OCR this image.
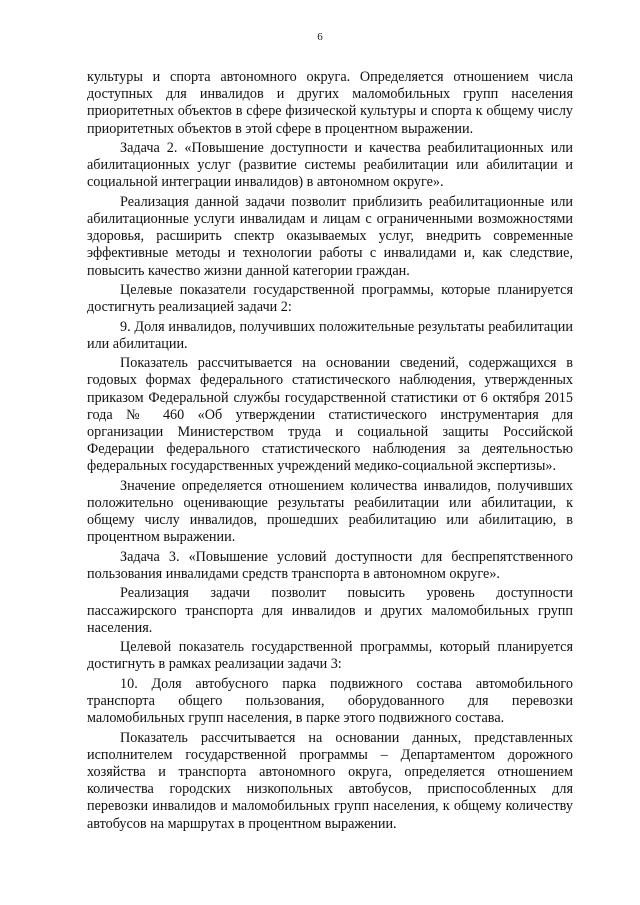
6

культуры и спорта автономного округа. Определяется отношением числа доступных для инвалидов и других маломобильных групп населения приоритетных объектов в сфере физической культуры и спорта к общему числу приоритетных объектов в этой сфере в процентном выражении.

Задача 2. «Повышение доступности и качества реабилитационных или абилитационных услуг (развитие системы реабилитации или абилитации и социальной интеграции инвалидов) в автономном округе».

Реализация данной задачи позволит приблизить реабилитационные или абилитационные услуги инвалидам и лицам с ограниченными возможностями здоровья, расширить спектр оказываемых услуг, внедрить современные эффективные методы и технологии работы с инвалидами и, как следствие, повысить качество жизни данной категории граждан.

Целевые показатели государственной программы, которые планируется достигнуть реализацией задачи 2:

9. Доля инвалидов, получивших положительные результаты реабилитации или абилитации.

Показатель рассчитывается на основании сведений, содержащихся в годовых формах федерального статистического наблюдения, утвержденных приказом Федеральной службы государственной статистики от 6 октября 2015 года № 460 «Об утверждении статистического инструментария для организации Министерством труда и социальной защиты Российской Федерации федерального статистического наблюдения за деятельностью федеральных государственных учреждений медико-социальной экспертизы».

Значение определяется отношением количества инвалидов, получивших положительно оценивающие результаты реабилитации или абилитации, к общему числу инвалидов, прошедших реабилитацию или абилитацию, в процентном выражении.

Задача 3. «Повышение условий доступности для беспрепятственного пользования инвалидами средств транспорта в автономном округе».

Реализация задачи позволит повысить уровень доступности пассажирского транспорта для инвалидов и других маломобильных групп населения.

Целевой показатель государственной программы, который планируется достигнуть в рамках реализации задачи 3:

10. Доля автобусного парка подвижного состава автомобильного транспорта общего пользования, оборудованного для перевозки маломобильных групп населения, в парке этого подвижного состава.

Показатель рассчитывается на основании данных, представленных исполнителем государственной программы – Департаментом дорожного хозяйства и транспорта автономного округа, определяется отношением количества городских низкопольных автобусов, приспособленных для перевозки инвалидов и маломобильных групп населения, к общему количеству автобусов на маршрутах в процентном выражении.
